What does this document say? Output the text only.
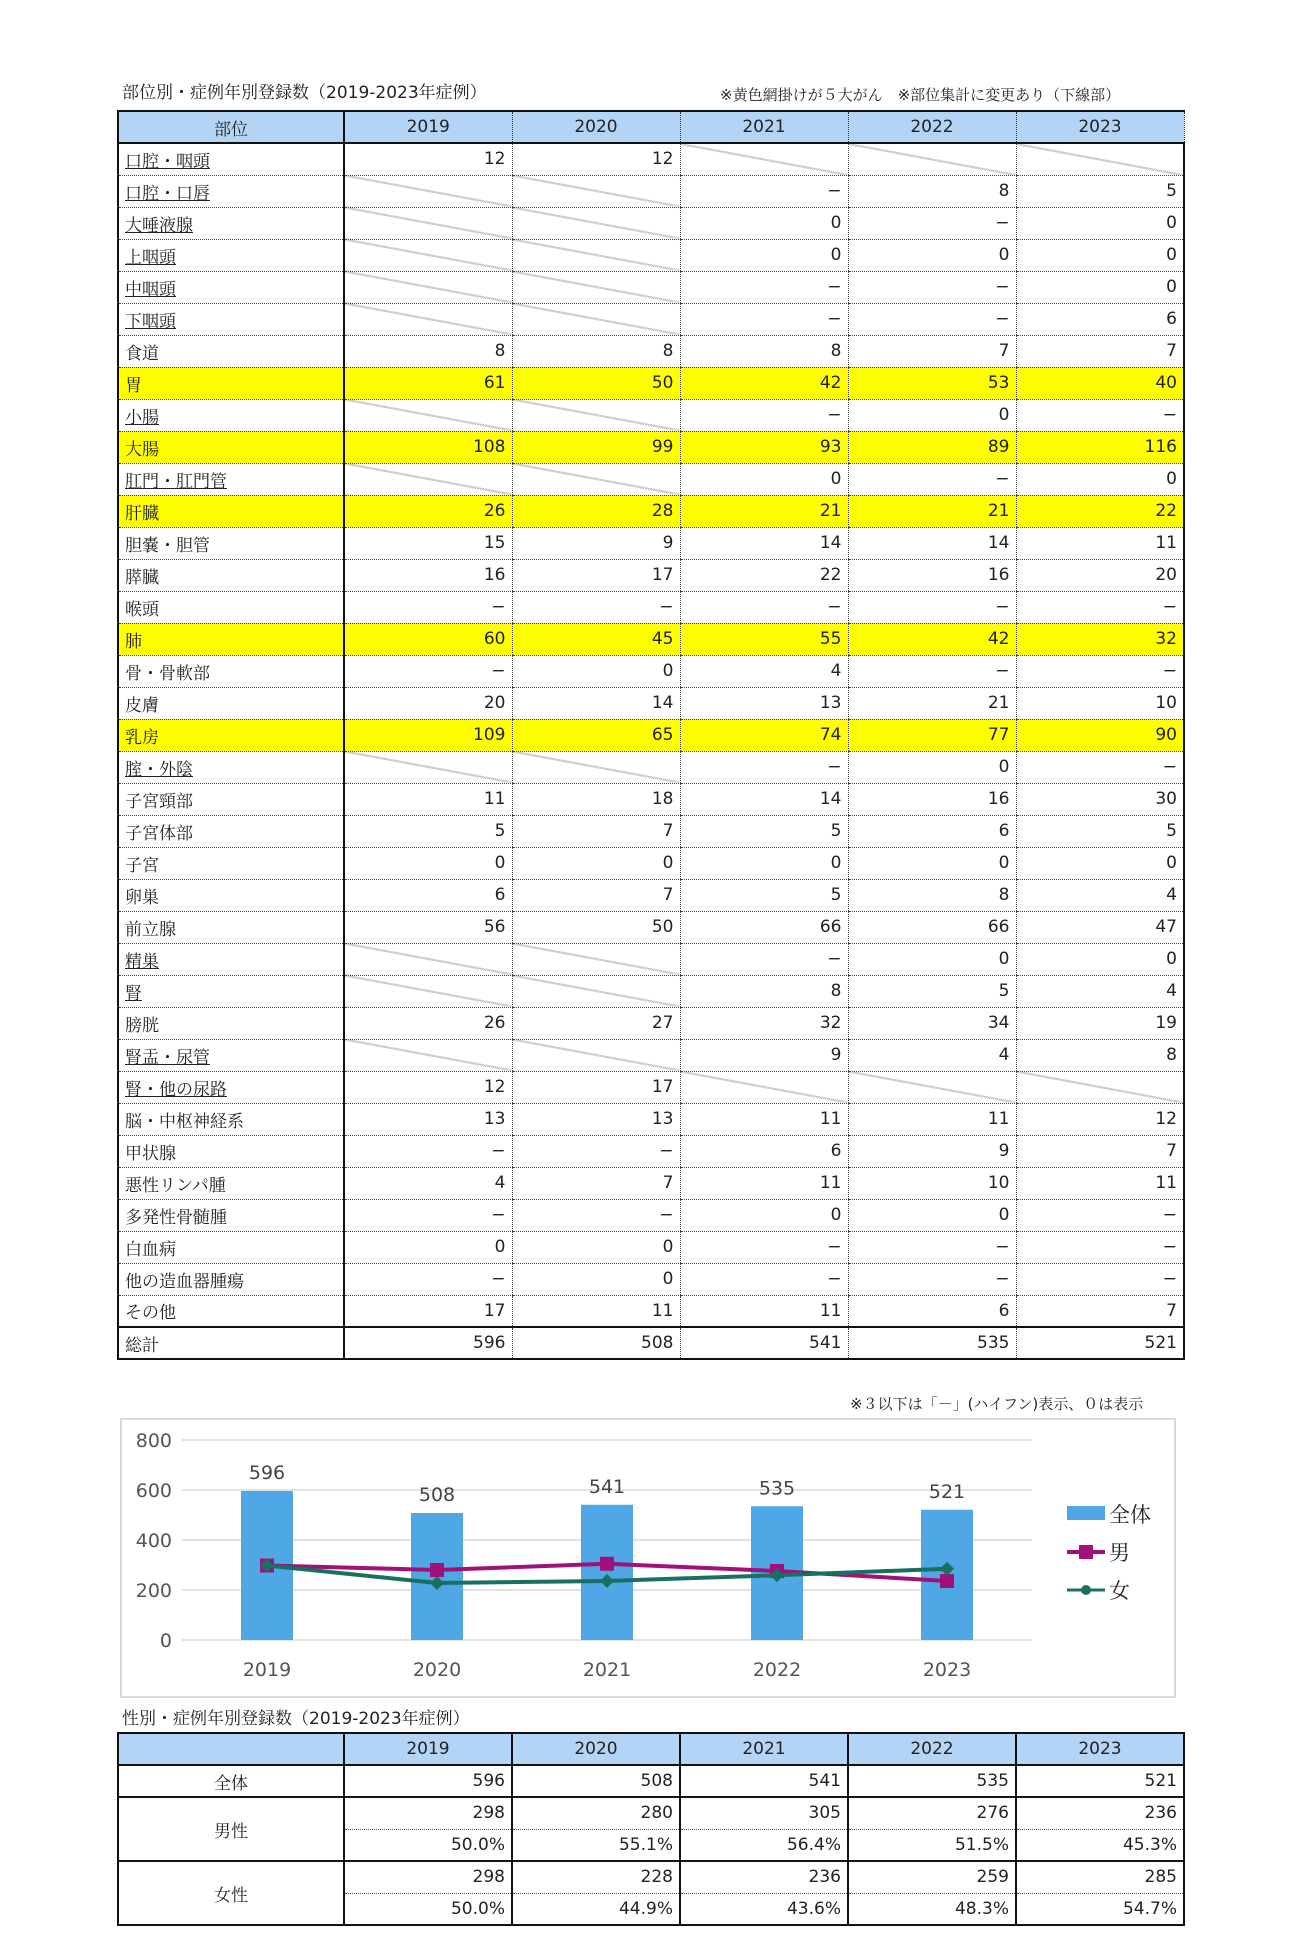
部位別・症例年別登録数（2019-2023年症例）	※黄色網掛けが５大がん　※部位集計に変更あり（下線部）
部位	2019	2020	2021	2022	2023
口腔・咽頭	12	12			
口腔・口唇			−	8	5
大唾液腺			0	−	0
上咽頭			0	0	0
中咽頭			−	−	0
下咽頭			−	−	6
食道	8	8	8	7	7
胃	61	50	42	53	40
小腸			−	0	−
大腸	108	99	93	89	116
肛門・肛門管			0	−	0
肝臓	26	28	21	21	22
胆嚢・胆管	15	9	14	14	11
膵臓	16	17	22	16	20
喉頭	−	−	−	−	−
肺	60	45	55	42	32
骨・骨軟部	−	0	4	−	−
皮膚	20	14	13	21	10
乳房	109	65	74	77	90
腟・外陰			−	0	−
子宮頸部	11	18	14	16	30
子宮体部	5	7	5	6	5
子宮	0	0	0	0	0
卵巣	6	7	5	8	4
前立腺	56	50	66	66	47
精巣			−	0	0
腎			8	5	4
膀胱	26	27	32	34	19
腎盂・尿管			9	4	8
腎・他の尿路	12	17			
脳・中枢神経系	13	13	11	11	12
甲状腺	−	−	6	9	7
悪性リンパ腫	4	7	11	10	11
多発性骨髄腫	−	−	0	0	−
白血病	0	0	−	−	−
他の造血器腫瘍	−	0	−	−	−
その他	17	11	11	6	7
総計	596	508	541	535	521
※３以下は「－」(ハイフン)表示、０は表示
0
200
400
600
800
596
508	541	535	521
2019	2020	2021	2022	2023
全体
男
女
性別・症例年別登録数（2019-2023年症例）
	2019	2020	2021	2022	2023
全体	596	508	541	535	521
男性	298	280	305	276	236
	50.0%	55.1%	56.4%	51.5%	45.3%
女性	298	228	236	259	285
	50.0%	44.9%	43.6%	48.3%	54.7%
